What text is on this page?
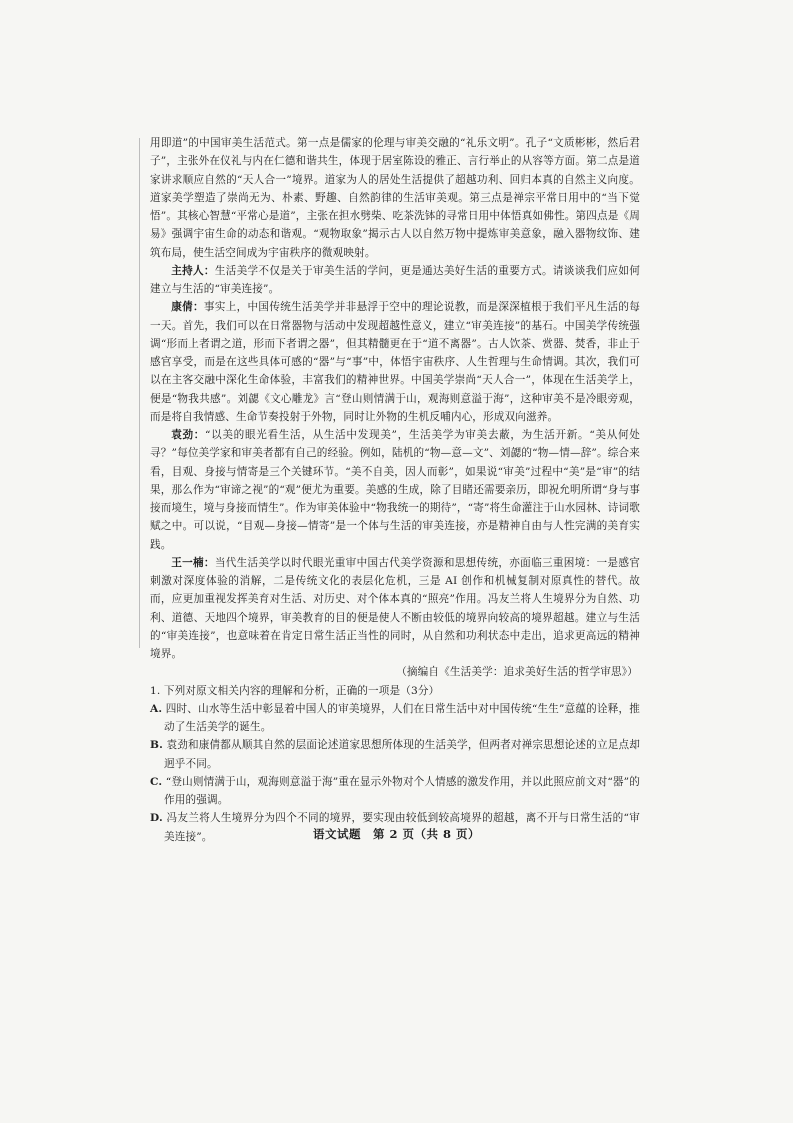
用即道”的中国审美生活范式。第一点是儒家的伦理与审美交融的“礼乐文明”。孔子“文质彬彬，然后君子”，主张外在仪礼与内在仁德和谐共生，体现于居室陈设的雅正、言行举止的从容等方面。第二点是道家讲求顺应自然的“天人合一”境界。道家为人的居处生活提供了超越功利、回归本真的自然主义向度。道家美学塑造了崇尚无为、朴素、野趣、自然韵律的生活审美观。第三点是禅宗平常日用中的“当下觉悟”。其核心智慧“平常心是道”，主张在担水劈柴、吃茶洗钵的寻常日用中体悟真如佛性。第四点是《周易》强调宇宙生命的动态和谐观。“观物取象”揭示古人以自然万物中提炼审美意象，融入器物纹饰、建筑布局，使生活空间成为宇宙秩序的微观映射。

主持人：生活美学不仅是关于审美生活的学问，更是通达美好生活的重要方式。请谈谈我们应如何建立与生活的“审美连接”。

康倩：事实上，中国传统生活美学并非悬浮于空中的理论说教，而是深深植根于我们平凡生活的每一天。首先，我们可以在日常器物与活动中发现超越性意义，建立“审美连接”的基石。中国美学传统强调“形而上者谓之道，形而下者谓之器”，但其精髓更在于“道不离器”。古人饮茶、赏器、焚香，非止于感官享受，而是在这些具体可感的“器”与“事”中，体悟宇宙秩序、人生哲理与生命情调。其次，我们可以在主客交融中深化生命体验，丰富我们的精神世界。中国美学崇尚“天人合一”，体现在生活美学上，便是“物我共感”。刘勰《文心雕龙》言“登山则情满于山，观海则意溢于海”，这种审美不是冷眼旁观，而是将自我情感、生命节奏投射于外物，同时让外物的生机反哺内心，形成双向滋养。

袁劲：“以美的眼光看生活，从生活中发现美”，生活美学为审美去蔽，为生活开新。“美从何处寻？”每位美学家和审美者都有自己的经验。例如，陆机的“物—意—文”、刘勰的“物—情—辞”。综合来看，目观、身接与情寄是三个关键环节。“美不自美，因人而彰”，如果说“审美”过程中“美”是“审”的结果，那么作为“审谛之视”的“观”便尤为重要。美感的生成，除了目睹还需要亲历，即祝允明所谓“身与事接而境生，境与身接而情生”。作为审美体验中“物我统一的期待”，“寄”将生命灌注于山水园林、诗词歌赋之中。可以说，“目观—身接—情寄”是一个体与生活的审美连接，亦是精神自由与人性完满的美育实践。

王一楠：当代生活美学以时代眼光重审中国古代美学资源和思想传统，亦面临三重困境：一是感官刺激对深度体验的消解，二是传统文化的表层化危机，三是 AI 创作和机械复制对原真性的替代。故而，应更加重视发挥美育对生活、对历史、对个体本真的“照亮”作用。冯友兰将人生境界分为自然、功利、道德、天地四个境界，审美教育的目的便是使人不断由较低的境界向较高的境界超越。建立与生活的“审美连接”，也意味着在肯定日常生活正当性的同时，从自然和功利状态中走出，追求更高远的精神境界。

（摘编自《生活美学：追求美好生活的哲学审思》）

1. 下列对原文相关内容的理解和分析，正确的一项是（3分）

A. 四时、山水等生活中彰显着中国人的审美境界，人们在日常生活中对中国传统“生生”意蕴的诠释，推动了生活美学的诞生。

B. 袁劲和康倩都从顺其自然的层面论述道家思想所体现的生活美学，但两者对禅宗思想论述的立足点却迥乎不同。

C. “登山则情满于山，观海则意溢于海”重在显示外物对个人情感的激发作用，并以此照应前文对“器”的作用的强调。

D. 冯友兰将人生境界分为四个不同的境界，要实现由较低到较高境界的超越，离不开与日常生活的“审美连接”。	语文试题　第 2 页（共 8 页）
